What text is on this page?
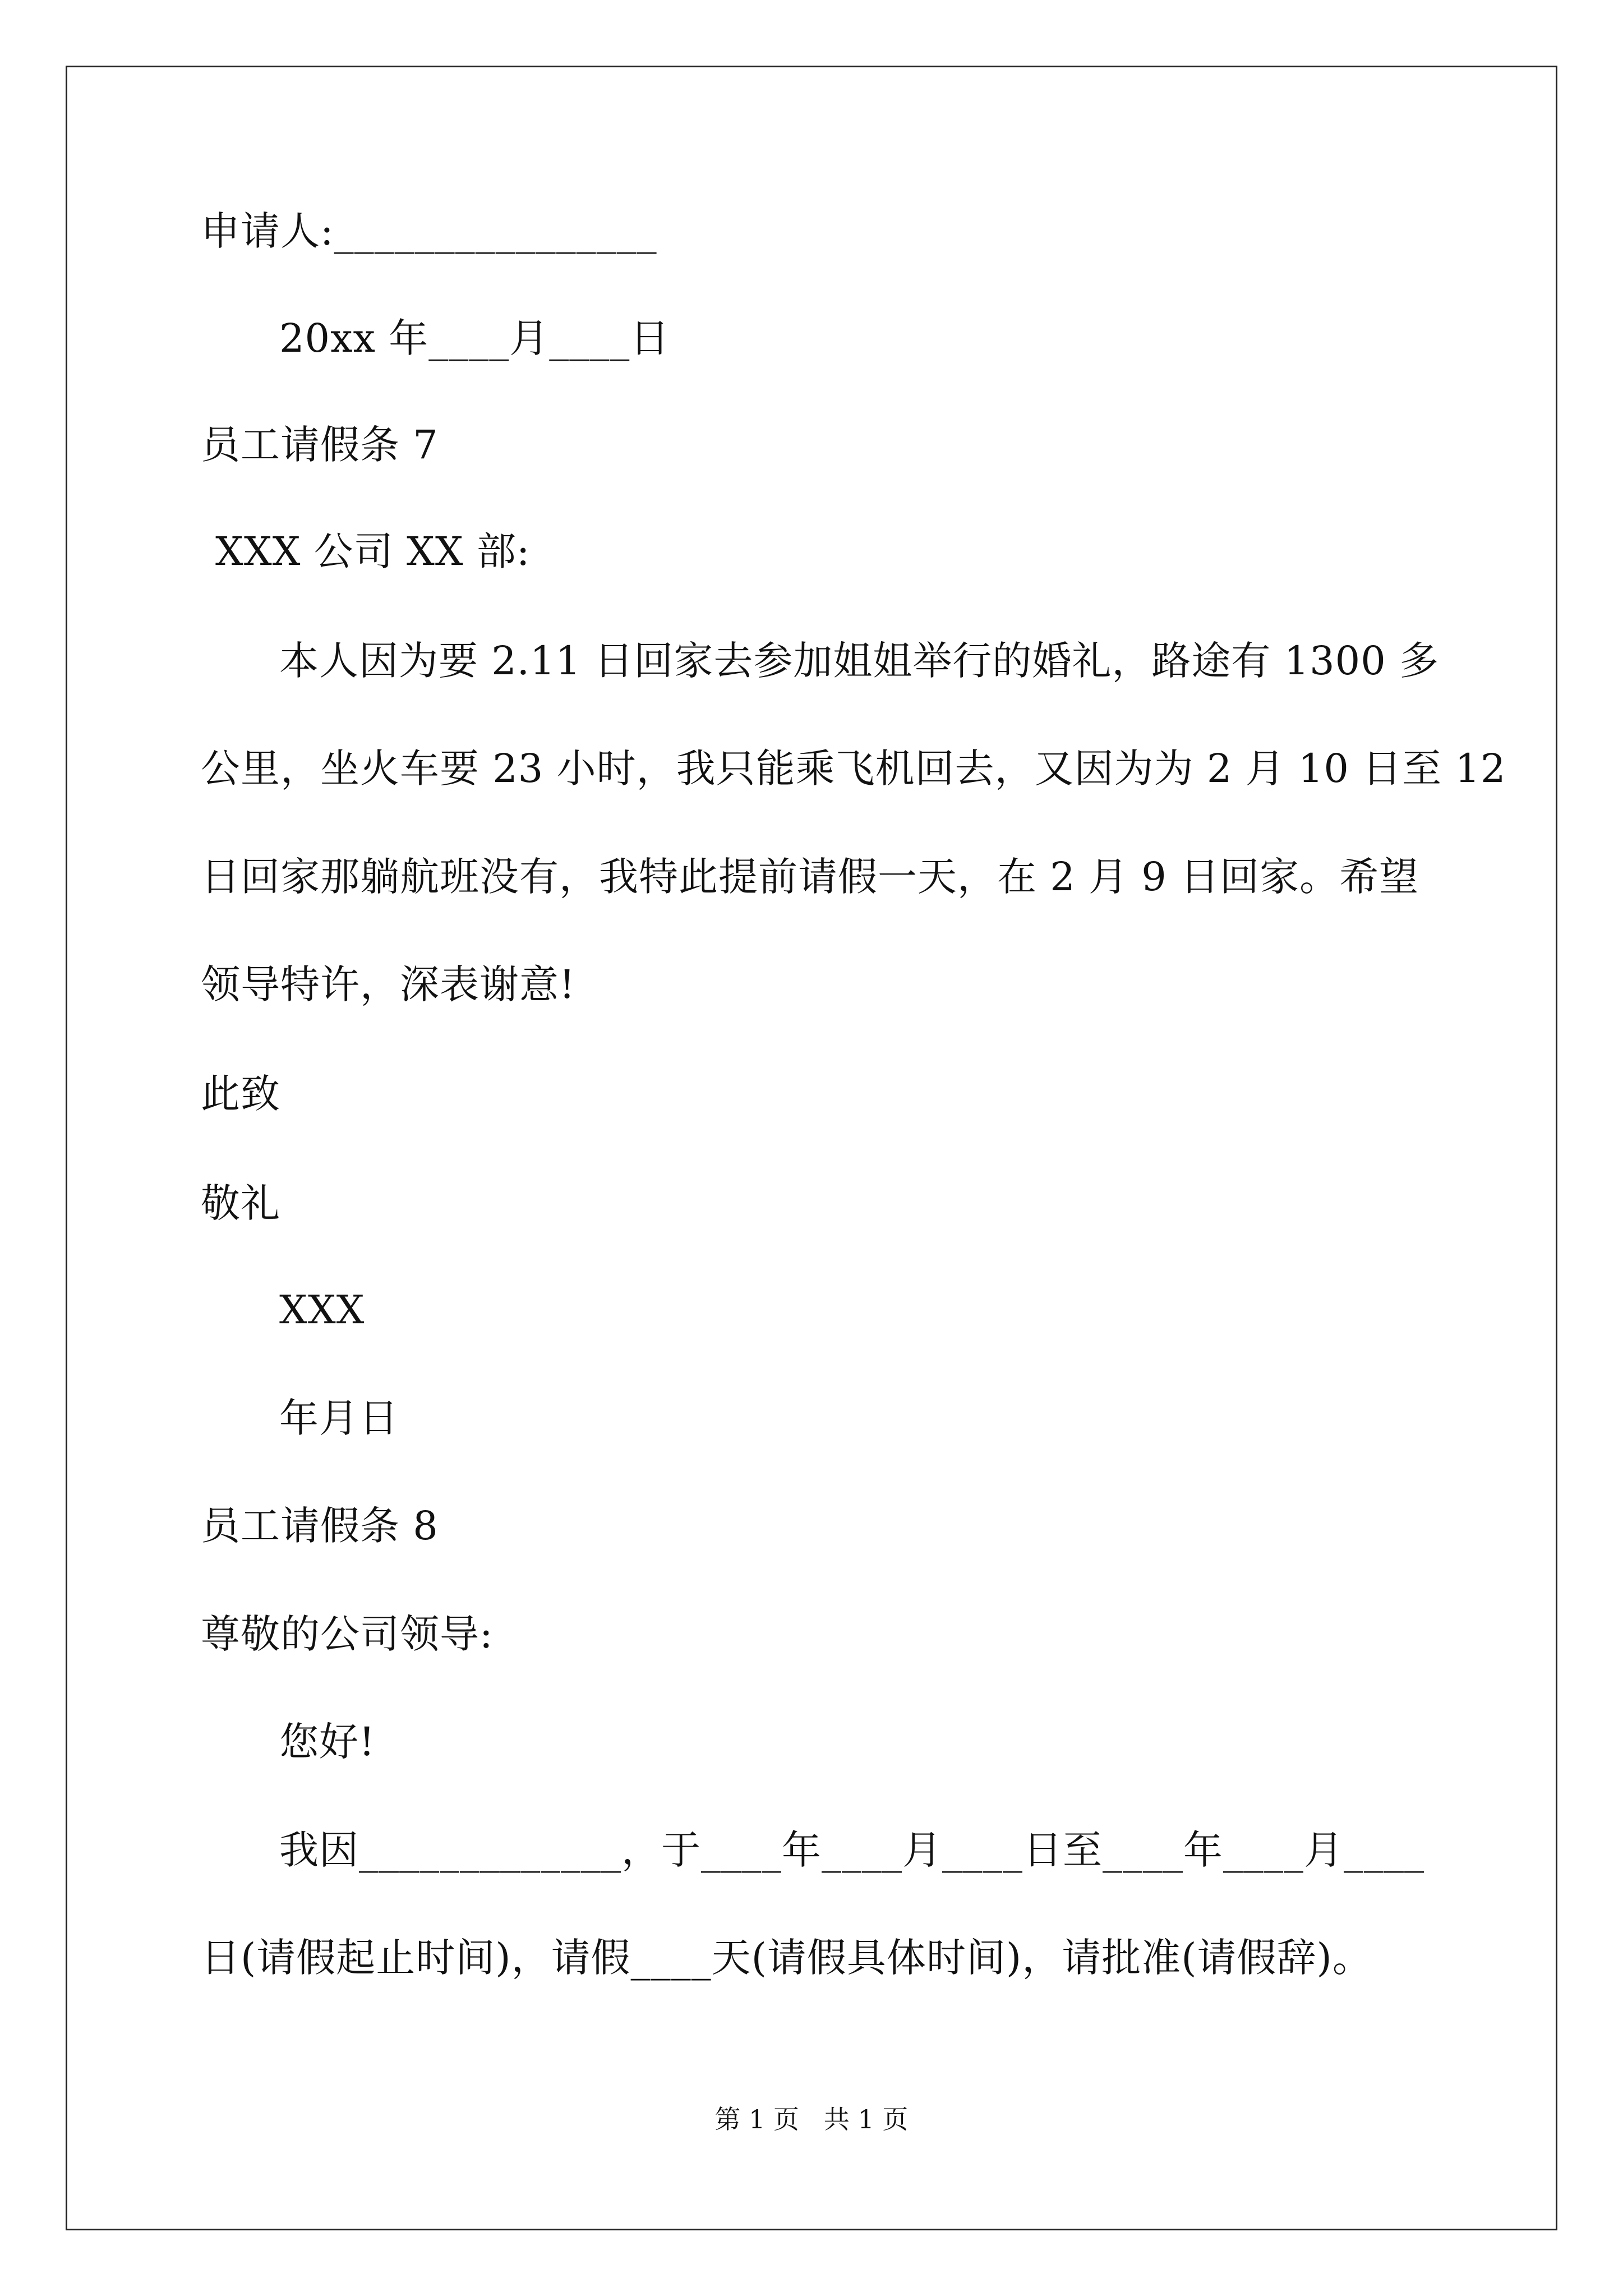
申请人:________________
20xx 年____月____日
员工请假条 7
XXX 公司 XX 部:
本人因为要 2.11 日回家去参加姐姐举行的婚礼，路途有 1300 多
公里，坐火车要 23 小时，我只能乘飞机回去，又因为为 2 月 10 日至 12
日回家那躺航班没有，我特此提前请假一天，在 2 月 9 日回家。希望
领导特许，深表谢意!
此致
敬礼
XXX
年月日
员工请假条 8
尊敬的公司领导:
您好!
我因_____________，于____年____月____日至____年____月____
日(请假起止时间)，请假____天(请假具体时间)，请批准(请假辞)。
第 1 页   共 1 页
